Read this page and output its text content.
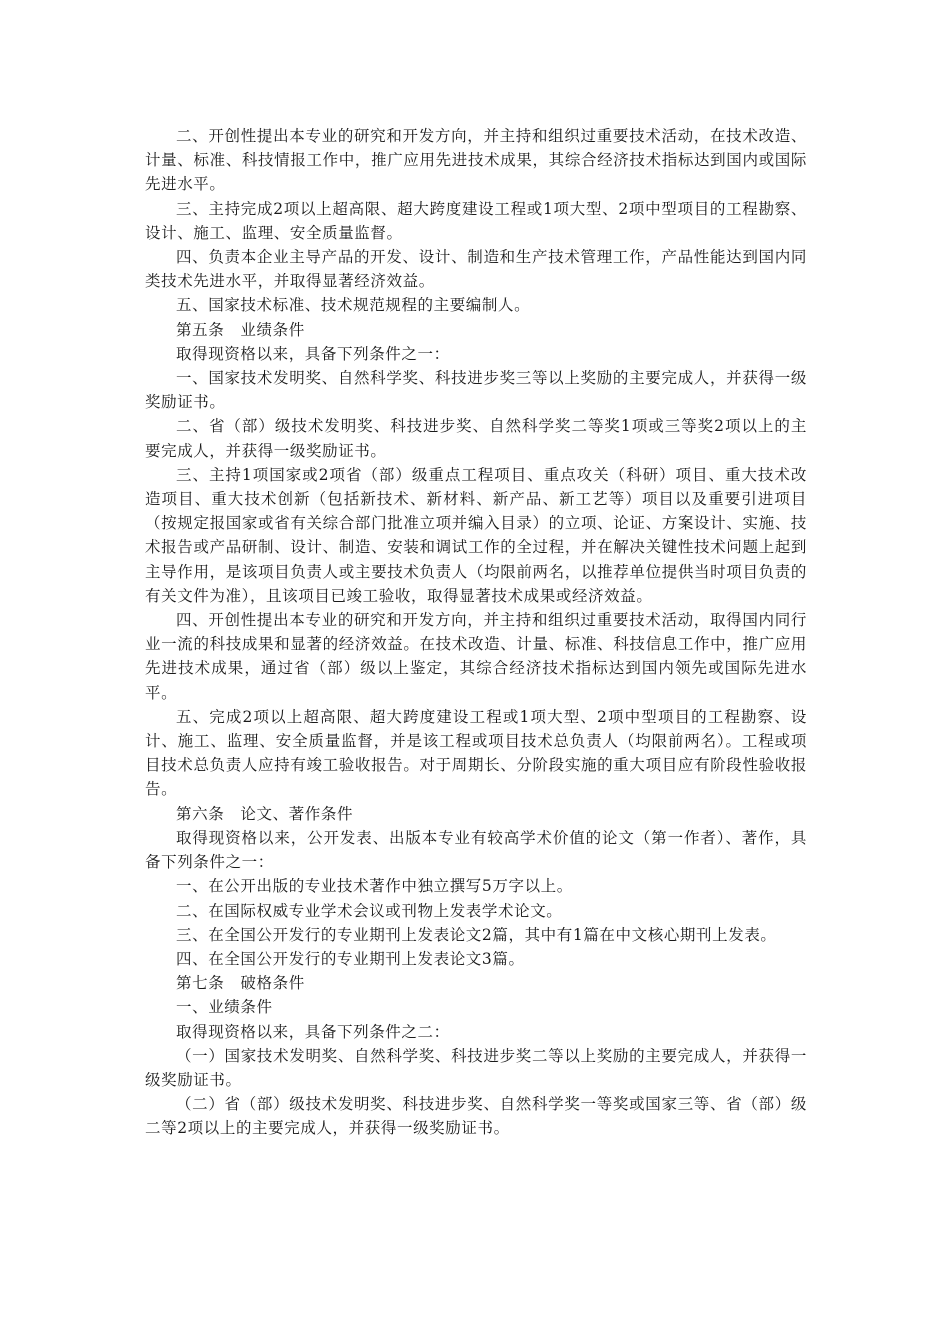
二、开创性提出本专业的研究和开发方向，并主持和组织过重要技术活动，在技术改造、计量、标准、科技情报工作中，推广应用先进技术成果，其综合经济技术指标达到国内或国际先进水平。

三、主持完成2项以上超高限、超大跨度建设工程或1项大型、2项中型项目的工程勘察、设计、施工、监理、安全质量监督。

四、负责本企业主导产品的开发、设计、制造和生产技术管理工作，产品性能达到国内同类技术先进水平，并取得显著经济效益。

五、国家技术标准、技术规范规程的主要编制人。

第五条　业绩条件

取得现资格以来，具备下列条件之一：

一、国家技术发明奖、自然科学奖、科技进步奖三等以上奖励的主要完成人，并获得一级奖励证书。

二、省（部）级技术发明奖、科技进步奖、自然科学奖二等奖1项或三等奖2项以上的主要完成人，并获得一级奖励证书。

三、主持1项国家或2项省（部）级重点工程项目、重点攻关（科研）项目、重大技术改造项目、重大技术创新（包括新技术、新材料、新产品、新工艺等）项目以及重要引进项目（按规定报国家或省有关综合部门批准立项并编入目录）的立项、论证、方案设计、实施、技术报告或产品研制、设计、制造、安装和调试工作的全过程，并在解决关键性技术问题上起到主导作用，是该项目负责人或主要技术负责人（均限前两名，以推荐单位提供当时项目负责的有关文件为准），且该项目已竣工验收，取得显著技术成果或经济效益。

四、开创性提出本专业的研究和开发方向，并主持和组织过重要技术活动，取得国内同行业一流的科技成果和显著的经济效益。在技术改造、计量、标准、科技信息工作中，推广应用先进技术成果，通过省（部）级以上鉴定，其综合经济技术指标达到国内领先或国际先进水平。

五、完成2项以上超高限、超大跨度建设工程或1项大型、2项中型项目的工程勘察、设计、施工、监理、安全质量监督，并是该工程或项目技术总负责人（均限前两名）。工程或项目技术总负责人应持有竣工验收报告。对于周期长、分阶段实施的重大项目应有阶段性验收报告。

第六条　论文、著作条件

取得现资格以来，公开发表、出版本专业有较高学术价值的论文（第一作者）、著作，具备下列条件之一：

一、在公开出版的专业技术著作中独立撰写5万字以上。

二、在国际权威专业学术会议或刊物上发表学术论文。

三、在全国公开发行的专业期刊上发表论文2篇，其中有1篇在中文核心期刊上发表。

四、在全国公开发行的专业期刊上发表论文3篇。

第七条　破格条件

一、业绩条件

取得现资格以来，具备下列条件之二：

（一）国家技术发明奖、自然科学奖、科技进步奖二等以上奖励的主要完成人，并获得一级奖励证书。

（二）省（部）级技术发明奖、科技进步奖、自然科学奖一等奖或国家三等、省（部）级二等2项以上的主要完成人，并获得一级奖励证书。
